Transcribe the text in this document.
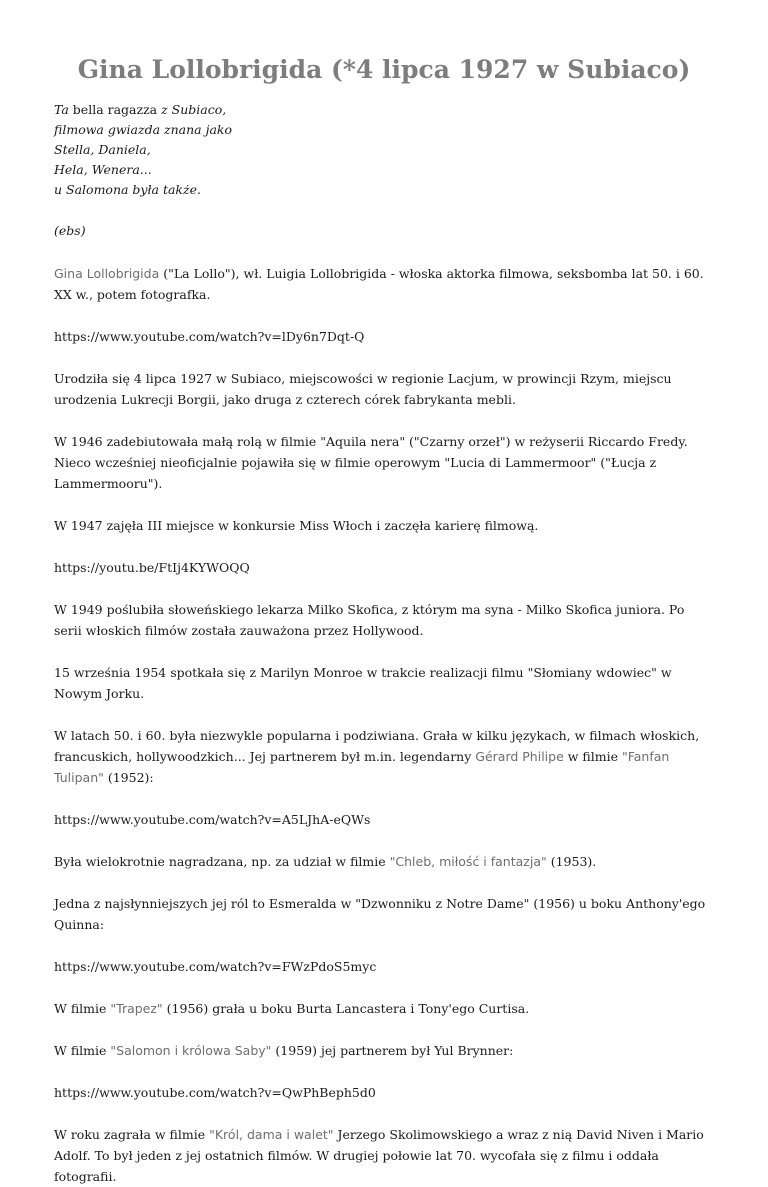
Gina Lollobrigida (*4 lipca 1927 w Subiaco)
Ta bella ragazza z Subiaco,
filmowa gwiazda znana jako
Stella, Daniela,
Hela, Wenera...
u Salomona była także.
(ebs)

Gina Lollobrigida ("La Lollo"), wł. Luigia Lollobrigida - włoska aktorka filmowa, seksbomba lat 50. i 60. XX w., potem fotografka.

https://www.youtube.com/watch?v=lDy6n7Dqt-Q

Urodziła się 4 lipca 1927 w Subiaco, miejscowości w regionie Lacjum, w prowincji Rzym, miejscu urodzenia Lukrecji Borgii, jako druga z czterech córek fabrykanta mebli.

W 1946 zadebiutowała małą rolą w filmie "Aquila nera" ("Czarny orzeł") w reżyserii Riccardo Fredy. Nieco wcześniej nieoficjalnie pojawiła się w filmie operowym "Lucia di Lammermoor" ("Łucja z Lammermooru").

W 1947 zajęła III miejsce w konkursie Miss Włoch i zaczęła karierę filmową.

https://youtu.be/FtIj4KYWOQQ

W 1949 poślubiła słoweńskiego lekarza Milko Skofica, z którym ma syna - Milko Skofica juniora. Po serii włoskich filmów została zauważona przez Hollywood.

15 września 1954 spotkała się z Marilyn Monroe w trakcie realizacji filmu "Słomiany wdowiec" w Nowym Jorku.

W latach 50. i 60. była niezwykle popularna i podziwiana. Grała w kilku językach, w filmach włoskich, francuskich, hollywoodzkich... Jej partnerem był m.in. legendarny Gérard Philipe w filmie "Fanfan Tulipan" (1952):

https://www.youtube.com/watch?v=A5LJhA-eQWs

Była wielokrotnie nagradzana, np. za udział w filmie "Chleb, miłość i fantazja" (1953).

Jedna z najsłynniejszych jej ról to Esmeralda w "Dzwonniku z Notre Dame" (1956) u boku Anthony'ego Quinna:

https://www.youtube.com/watch?v=FWzPdoS5myc

W filmie "Trapez" (1956) grała u boku Burta Lancastera i Tony'ego Curtisa.

W filmie "Salomon i królowa Saby" (1959) jej partnerem był Yul Brynner:

https://www.youtube.com/watch?v=QwPhBeph5d0

W roku zagrała w filmie "Król, dama i walet" Jerzego Skolimowskiego a wraz z nią David Niven i Mario Adolf. To był jeden z jej ostatnich filmów. W drugiej połowie lat 70. wycofała się z filmu i oddała fotografii.
